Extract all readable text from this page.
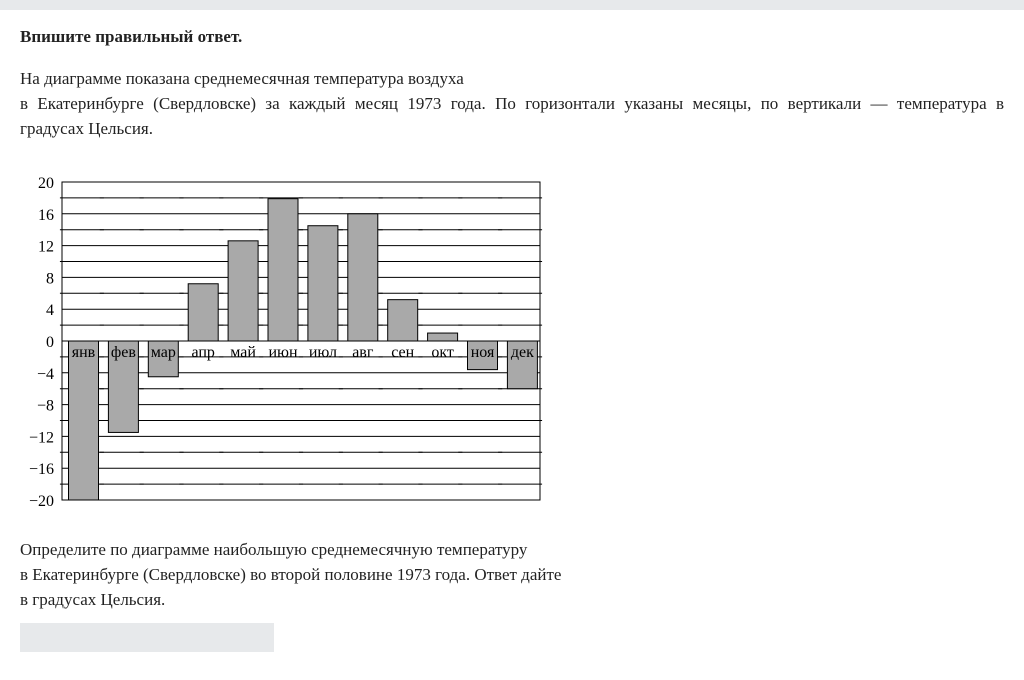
Впишите правильный ответ.

На диаграмме показана среднемесячная температура воздуха
в Екатеринбурге (Свердловске) за каждый месяц 1973 года. По горизонтали указаны месяцы, по вертикали — температура в
градусах Цельсия.

20
16
12
8
4
0
−4
−8
−12
−16
−20
янв фев мар апр май июн июл авг сен окт ноя дек

Определите по диаграмме наибольшую среднемесячную температуру
в Екатеринбурге (Свердловске) во второй половине 1973 года. Ответ дайте
в градусах Цельсия.
